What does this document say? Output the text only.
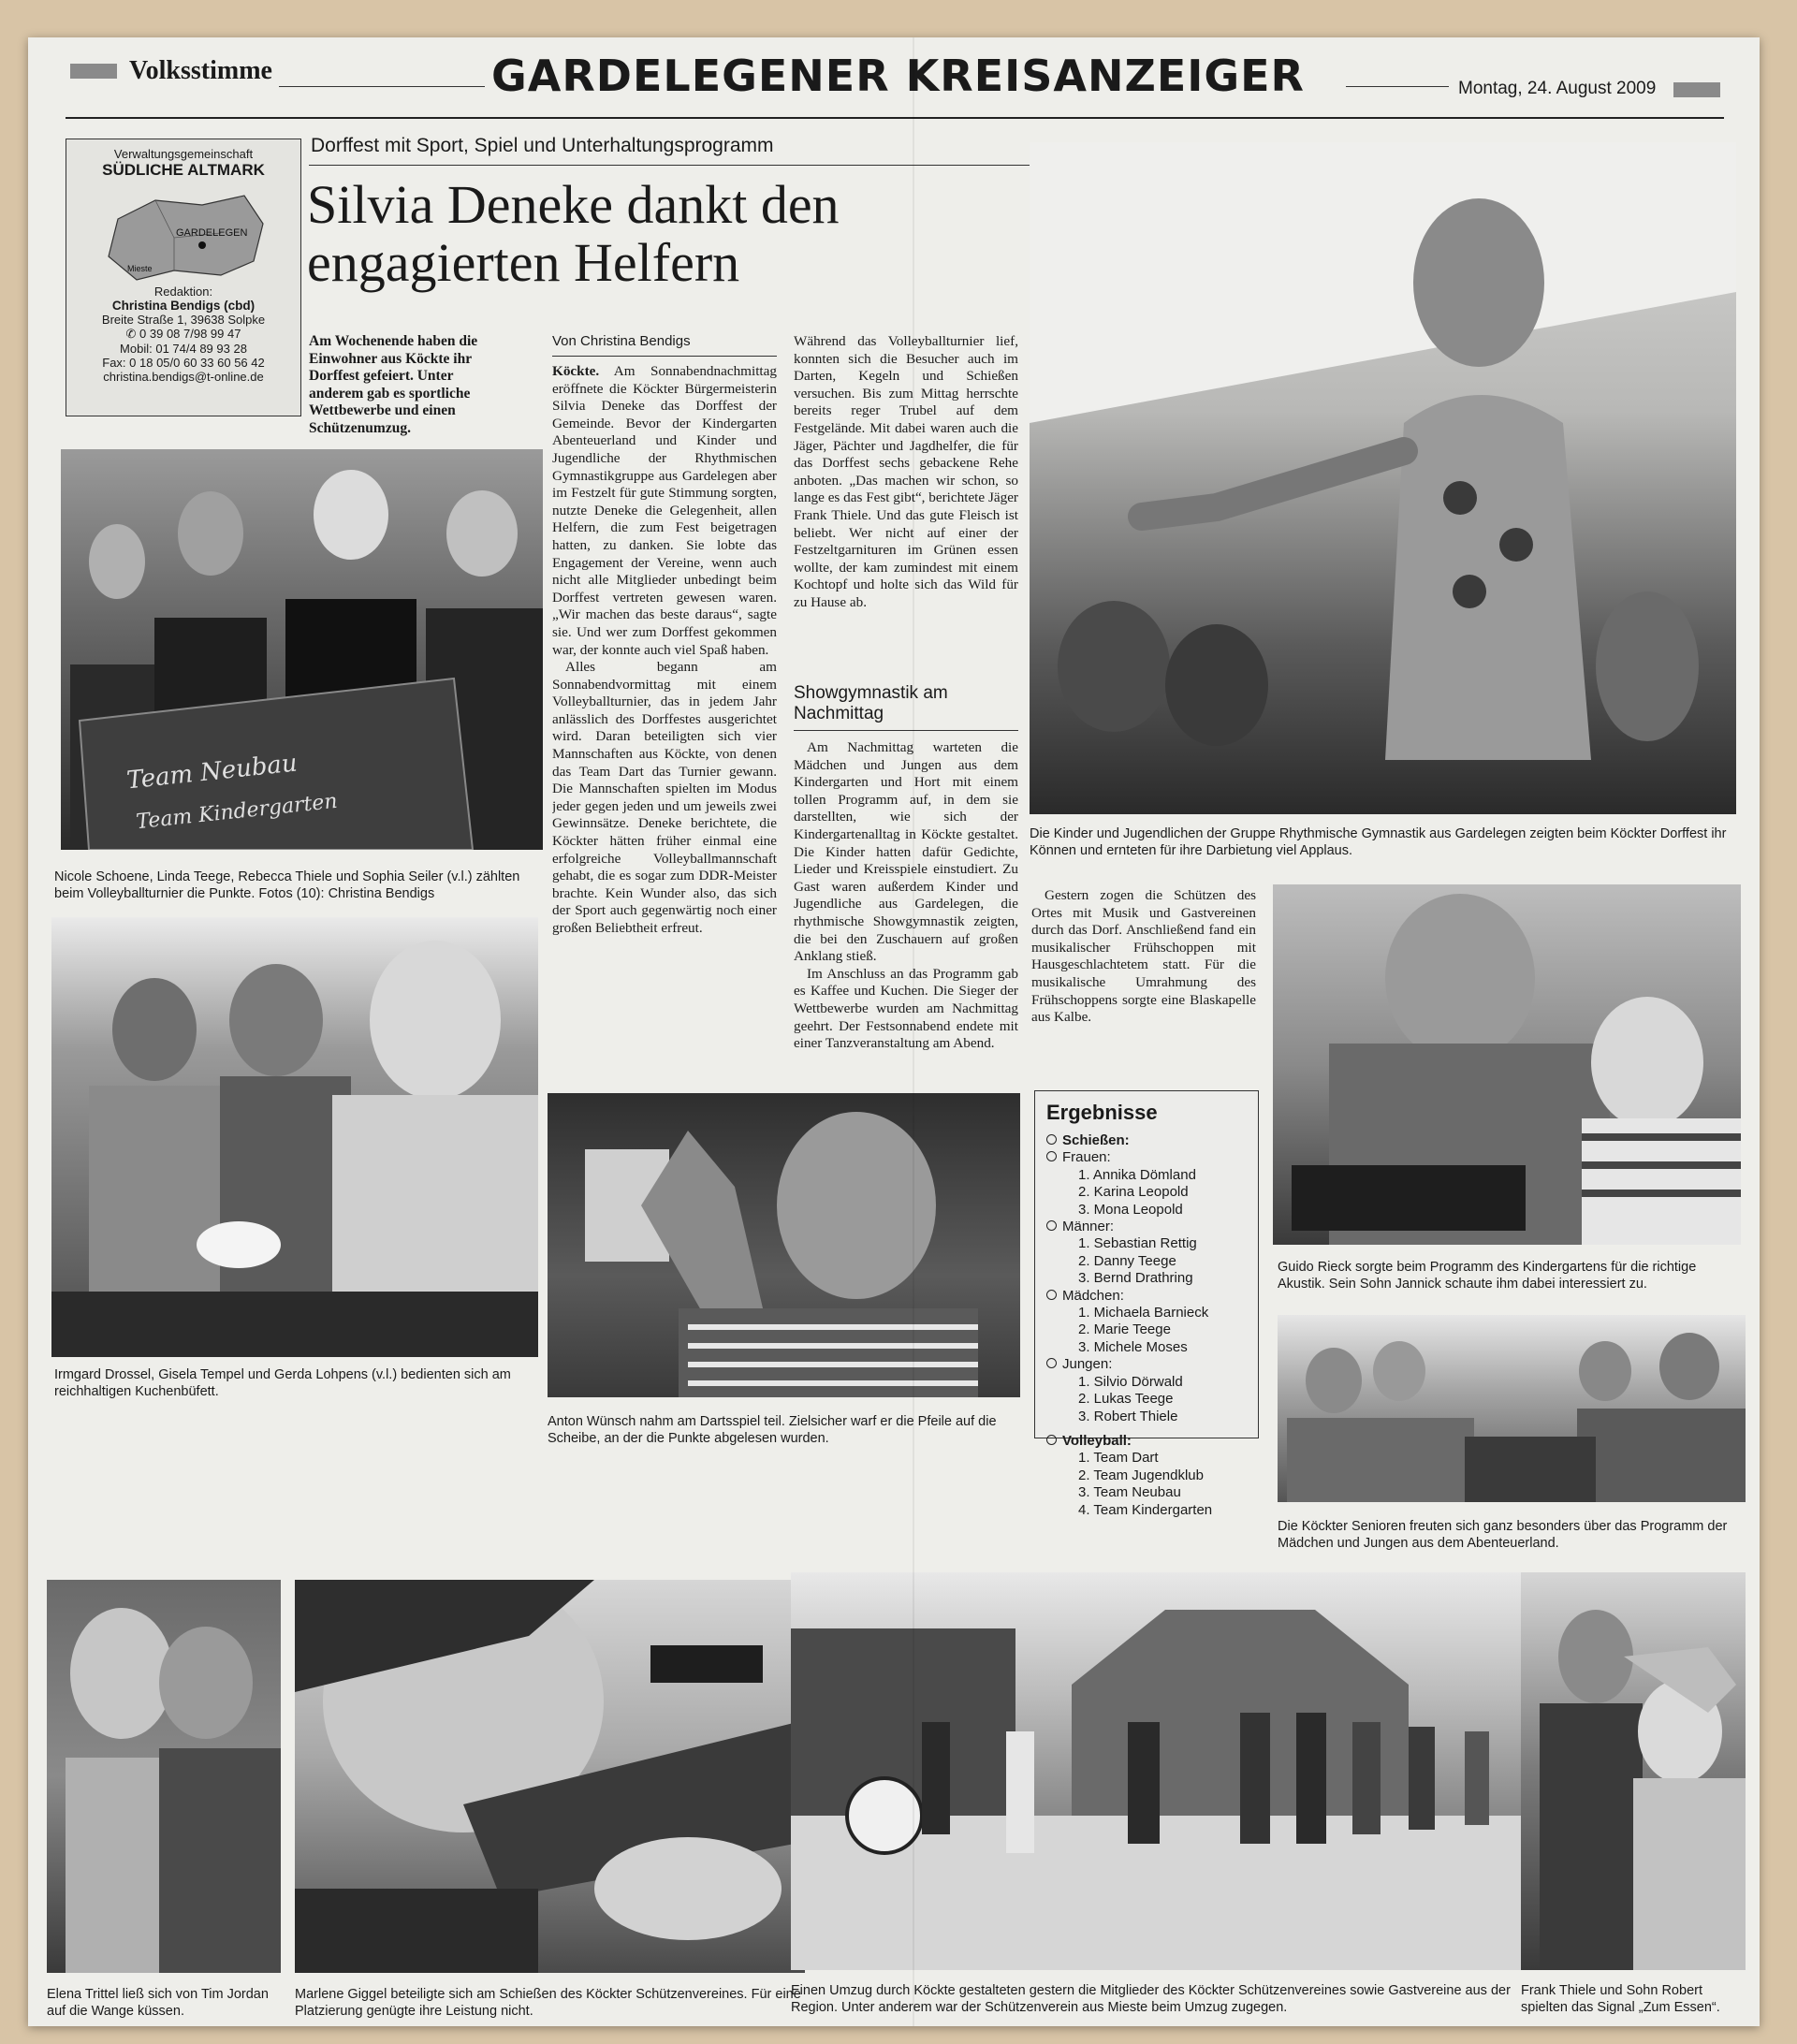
Volksstimme	GARDELEGENER KREISANZEIGER	Montag, 24. August 2009
Verwaltungsgemeinschaft
SÜDLICHE ALTMARK
GARDELEGEN
Mieste
Redaktion:
Christina Bendigs (cbd)
Breite Straße 1, 39638 Solpke
✆ 0 39 08 7/98 99 47
Mobil: 01 74/4 89 93 28
Fax: 0 18 05/0 60 33 60 56 42
christina.bendigs@t-online.de
Dorffest mit Sport, Spiel und Unterhaltungsprogramm
Silvia Deneke dankt den
engagierten Helfern
Am Wochenende haben die
Einwohner aus Köckte ihr
Dorffest gefeiert. Unter
anderem gab es sportliche
Wettbewerbe und einen
Schützenumzug.
Von Christina Bendigs

Köckte. Am Sonnabendnachmittag eröffnete die Köckter Bürgermeisterin Silvia Deneke das Dorffest der Gemeinde. Bevor der Kindergarten Abenteuerland und Kinder und Jugendliche der Rhythmischen Gymnastikgruppe aus Gardelegen aber im Festzelt für gute Stimmung sorgten, nutzte Deneke die Gelegenheit, allen Helfern, die zum Fest beigetragen hatten, zu danken. Sie lobte das Engagement der Vereine, wenn auch nicht alle Mitglieder unbedingt beim Dorffest vertreten gewesen waren. „Wir machen das beste daraus“, sagte sie. Und wer zum Dorffest gekommen war, der konnte auch viel Spaß haben.

Alles begann am Sonnabendvormittag mit einem Volleyballturnier, das in jedem Jahr anlässlich des Dorffestes ausgerichtet wird. Daran beteiligten sich vier Mannschaften aus Köckte, von denen das Team Dart das Turnier gewann. Die Mannschaften spielten im Modus jeder gegen jeden und um jeweils zwei Gewinnsätze. Deneke berichtete, die Köckter hätten früher einmal eine erfolgreiche Volleyballmannschaft gehabt, die es sogar zum DDR-Meister brachte. Kein Wunder also, das sich der Sport auch gegenwärtig noch einer großen Beliebtheit erfreut.

Während das Volleyballturnier lief, konnten sich die Besucher auch im Darten, Kegeln und Schießen versuchen. Bis zum Mittag herrschte bereits reger Trubel auf dem Festgelände. Mit dabei waren auch die Jäger, Pächter und Jagdhelfer, die für das Dorffest sechs gebackene Rehe anboten. „Das machen wir schon, so lange es das Fest gibt“, berichtete Jäger Frank Thiele. Und das gute Fleisch ist beliebt. Wer nicht auf einer der Festzeltgarnituren im Grünen essen wollte, der kam zumindest mit einem Kochtopf und holte sich das Wild für zu Hause ab.

Showgymnastik am Nachmittag

Am Nachmittag warteten die Mädchen und Jungen aus dem Kindergarten und Hort mit einem tollen Programm auf, in dem sie darstellten, wie sich der Kindergartenalltag in Köckte gestaltet. Die Kinder hatten dafür Gedichte, Lieder und Kreisspiele einstudiert. Zu Gast waren außerdem Kinder und Jugendliche aus Gardelegen, die rhythmische Showgymnastik zeigten, die bei den Zuschauern auf großen Anklang stieß.

Im Anschluss an das Programm gab es Kaffee und Kuchen. Die Sieger der Wettbewerbe wurden am Nachmittag geehrt. Der Festsonnabend endete mit einer Tanzveranstaltung am Abend.

Gestern zogen die Schützen des Ortes mit Musik und Gastvereinen durch das Dorf. Anschließend fand ein musikalischer Frühschoppen mit Hausgeschlachtetem statt. Für die musikalische Umrahmung des Frühschoppens sorgte eine Blaskapelle aus Kalbe.

Die Kinder und Jugendlichen der Gruppe Rhythmische Gymnastik aus Gardelegen zeigten beim Köckter Dorffest ihr Können und ernteten für ihre Darbietung viel Applaus.
Team Neubau
Team Kindergarten
Nicole Schoene, Linda Teege, Rebecca Thiele und Sophia Seiler (v.l.) zählten beim Volleyballturnier die Punkte. Fotos (10): Christina Bendigs
Irmgard Drossel, Gisela Tempel und Gerda Lohpens (v.l.) bedienten sich am reichhaltigen Kuchenbüfett.
Anton Wünsch nahm am Dartsspiel teil. Zielsicher warf er die Pfeile auf die Scheibe, an der die Punkte abgelesen wurden.
Ergebnisse
Schießen:
Frauen:
1. Annika Dömland
2. Karina Leopold
3. Mona Leopold
Männer:
1. Sebastian Rettig
2. Danny Teege
3. Bernd Drathring
Mädchen:
1. Michaela Barnieck
2. Marie Teege
3. Michele Moses
Jungen:
1. Silvio Dörwald
2. Lukas Teege
3. Robert Thiele
Volleyball:
1. Team Dart
2. Team Jugendklub
3. Team Neubau
4. Team Kindergarten
Guido Rieck sorgte beim Programm des Kindergartens für die richtige Akustik. Sein Sohn Jannick schaute ihm dabei interessiert zu.
Die Köckter Senioren freuten sich ganz besonders über das Programm der Mädchen und Jungen aus dem Abenteuerland.
Elena Trittel ließ sich von Tim Jordan auf die Wange küssen.
Marlene Giggel beteiligte sich am Schießen des Köckter Schützenvereines. Für eine Platzierung genügte ihre Leistung nicht.
Einen Umzug durch Köckte gestalteten gestern die Mitglieder des Köckter Schützenvereines sowie Gastvereine aus der Region. Unter anderem war der Schützenverein aus Mieste beim Umzug zugegen.
Frank Thiele und Sohn Robert spielten das Signal „Zum Essen“.
